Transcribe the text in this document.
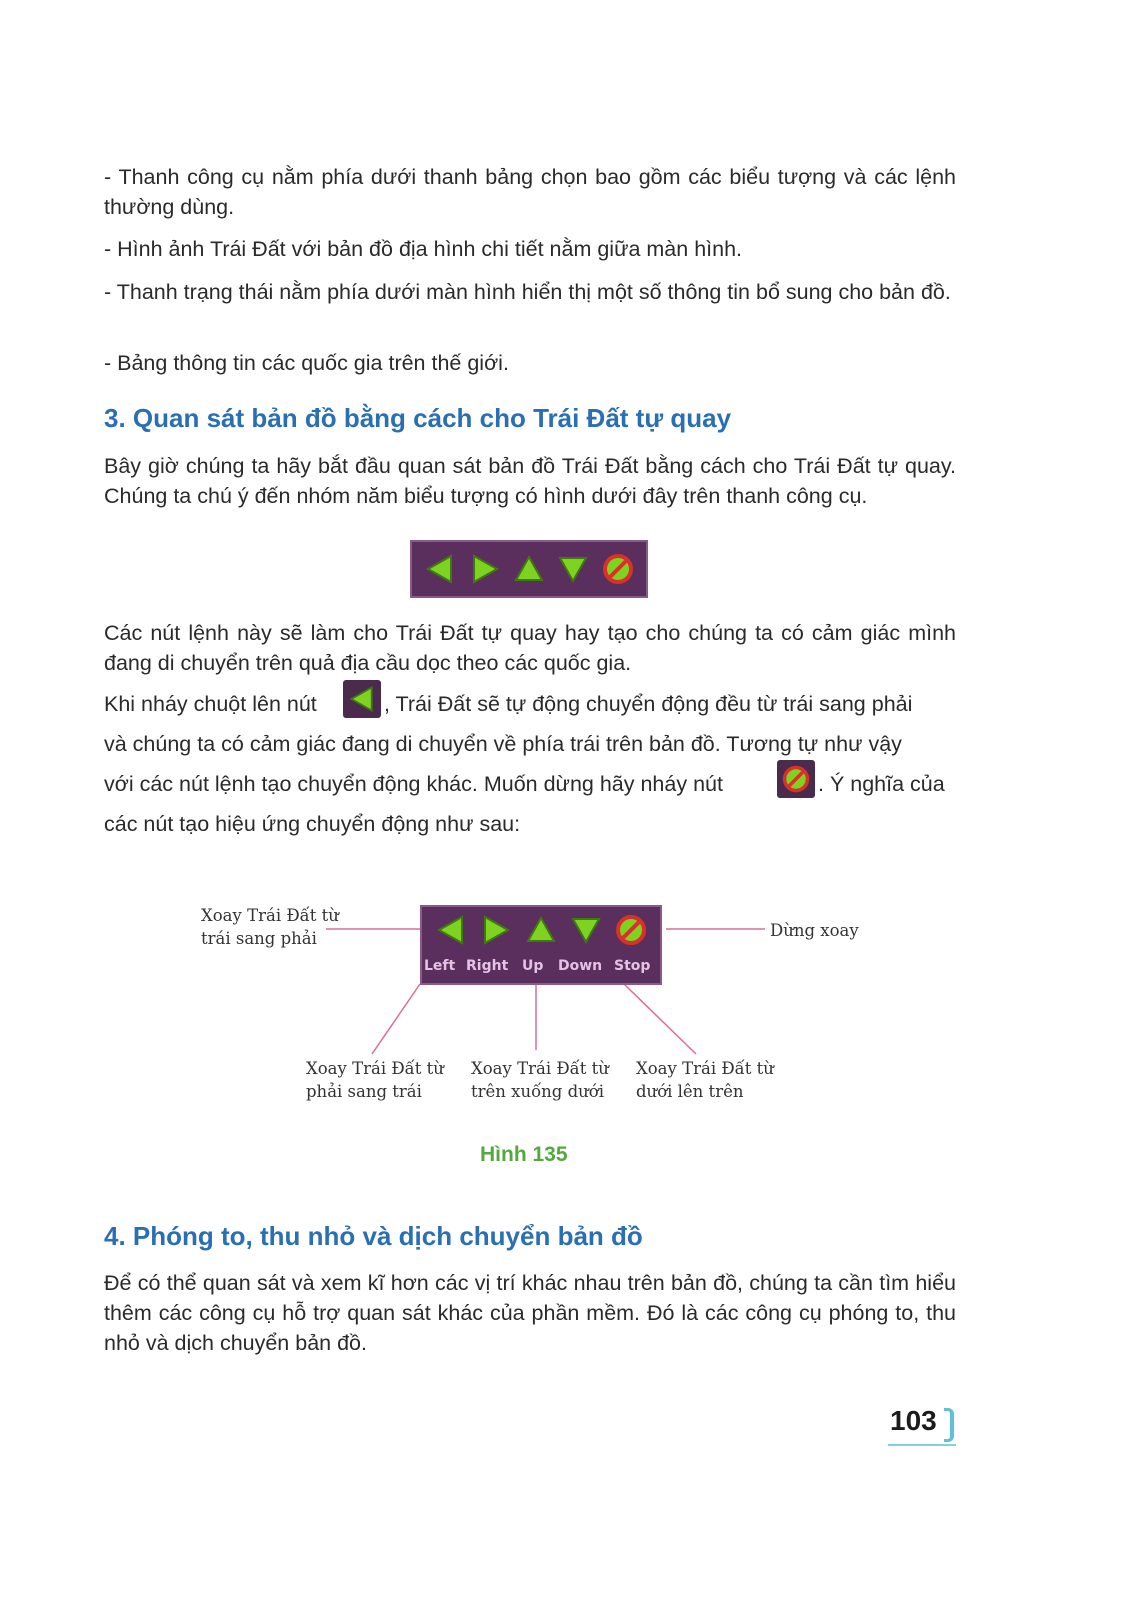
- Thanh công cụ nằm phía dưới thanh bảng chọn bao gồm các biểu tượng và các lệnh thường dùng.

- Hình ảnh Trái Đất với bản đồ địa hình chi tiết nằm giữa màn hình.

- Thanh trạng thái nằm phía dưới màn hình hiển thị một số thông tin bổ sung cho bản đồ.

- Bảng thông tin các quốc gia trên thế giới.

3. Quan sát bản đồ bằng cách cho Trái Đất tự quay

Bây giờ chúng ta hãy bắt đầu quan sát bản đồ Trái Đất bằng cách cho Trái Đất tự quay. Chúng ta chú ý đến nhóm năm biểu tượng có hình dưới đây trên thanh công cụ.

Các nút lệnh này sẽ làm cho Trái Đất tự quay hay tạo cho chúng ta có cảm giác mình đang di chuyển trên quả địa cầu dọc theo các quốc gia.

Khi nháy chuột lên nút	, Trái Đất sẽ tự động chuyển động đều từ trái sang phải
và chúng ta có cảm giác đang di chuyển về phía trái trên bản đồ. Tương tự như vậy
với các nút lệnh tạo chuyển động khác. Muốn dừng hãy nháy nút	. Ý nghĩa của
các nút tạo hiệu ứng chuyển động như sau:
Left Right Up Down Stop
Xoay Trái Đất từ
trái sang phải	Dừng xoay
Xoay Trái Đất từ
phải sang trái
Xoay Trái Đất từ
trên xuống dưới
Xoay Trái Đất từ
dưới lên trên
Hình 135
4. Phóng to, thu nhỏ và dịch chuyển bản đồ

Để có thể quan sát và xem kĩ hơn các vị trí khác nhau trên bản đồ, chúng ta cần tìm hiểu thêm các công cụ hỗ trợ quan sát khác của phần mềm. Đó là các công cụ phóng to, thu nhỏ và dịch chuyển bản đồ.

103
